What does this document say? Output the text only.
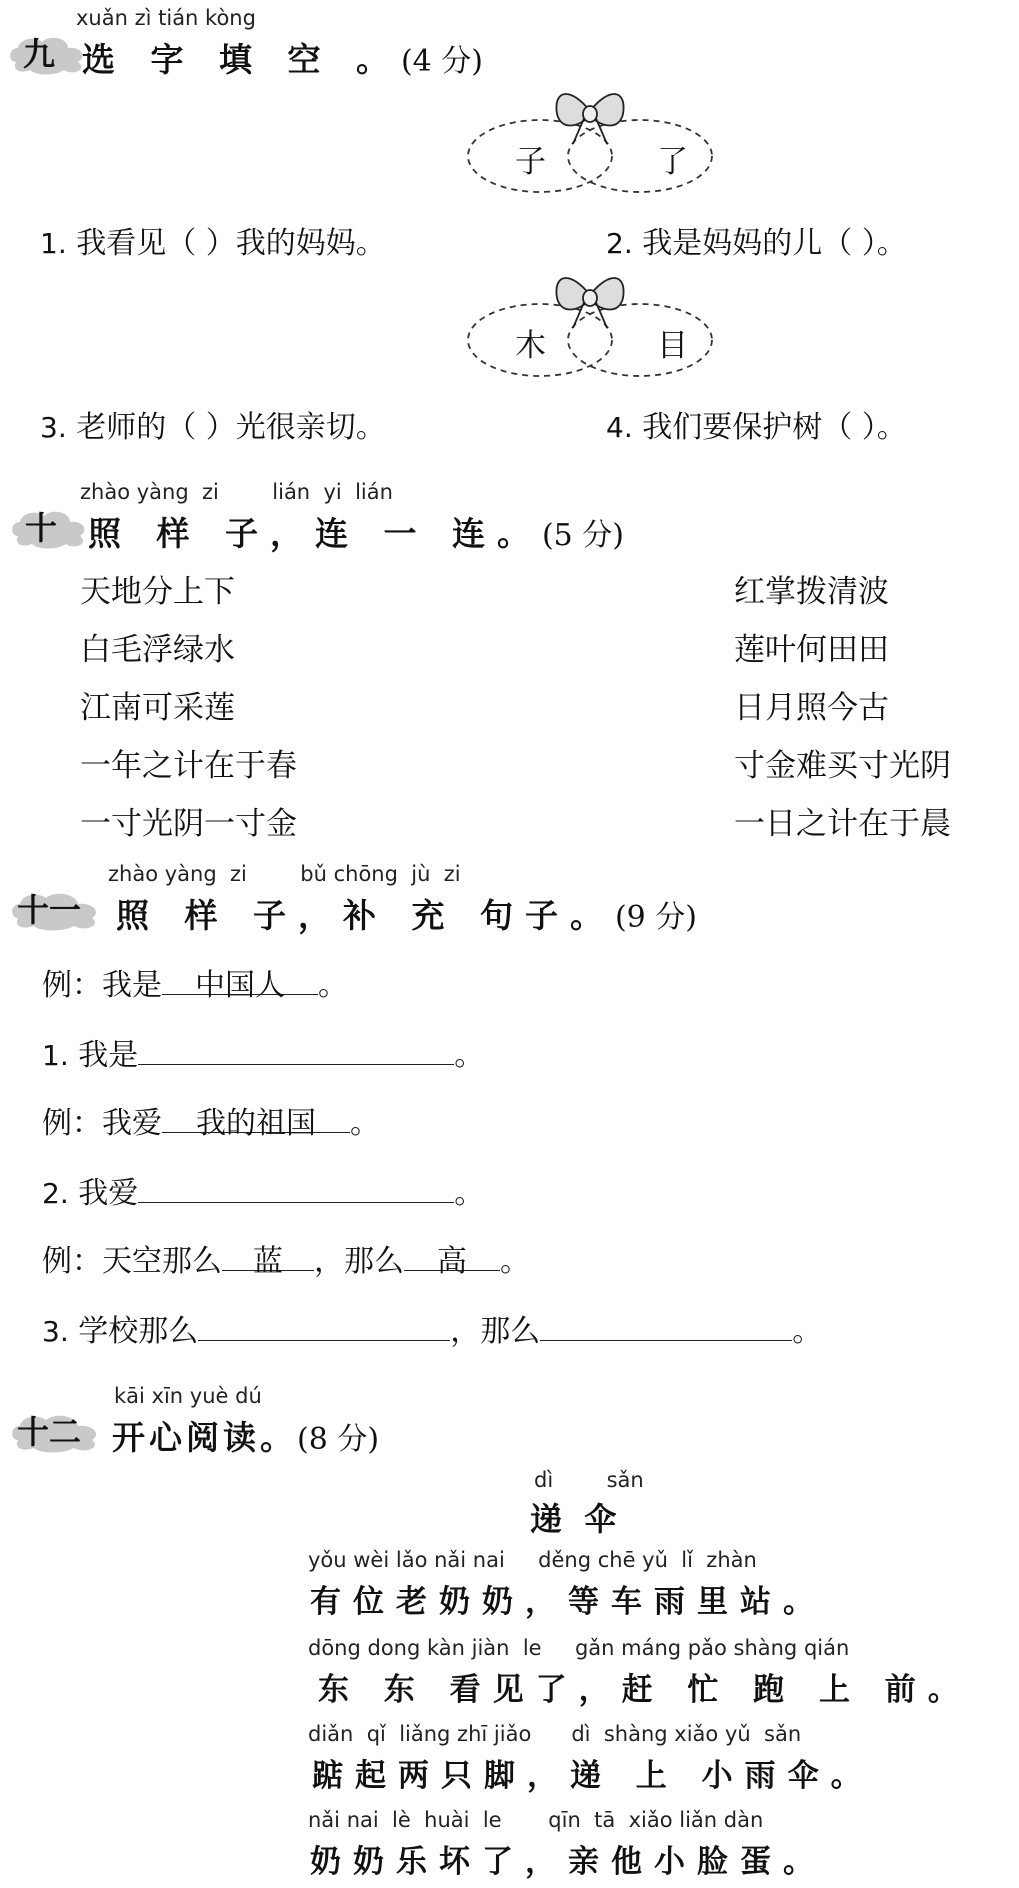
xuǎn zì tián kòng
九 选 字 填 空 。(4 分)
子	了
1. 我看见（ ）我的妈妈。	2. 我是妈妈的儿（ ）。
木	目
3. 老师的（ ）光很亲切。	4. 我们要保护树（ ）。
zhào yàng  zi        lián  yi  lián
十 照 样 子，连 一 连。(5 分)
天地分上下
白毛浮绿水
江南可采莲
一年之计在于春
一寸光阴一寸金
红掌拨清波
莲叶何田田
日月照今古
寸金难买寸光阴
一日之计在于晨
zhào yàng  zi        bǔ chōng  jù  zi
十一 照 样 子，补 充 句子。(9 分)
例：我是 中国人 。
1. 我是	。
例：我爱 我的祖国 。
2. 我爱	。
例：天空那么 蓝 ，那么 高 。
3. 学校那么	，那么	。
kāi xīn yuè dú
十二 开心阅读。(8 分)
dì        sǎn
递  伞
yǒu wèi lǎo nǎi nai     děng chē yǔ  lǐ  zhàn
有位老奶奶，等车雨里站。
dōng dong kàn jiàn  le     gǎn máng pǎo shàng qián
东 东 看见了，赶 忙 跑 上 前。
diǎn  qǐ  liǎng zhī jiǎo      dì  shàng xiǎo yǔ  sǎn
踮起两只脚，递 上 小雨伞。
nǎi nai  lè  huài  le       qīn  tā  xiǎo liǎn dàn
奶奶乐坏了，亲他小脸蛋。
